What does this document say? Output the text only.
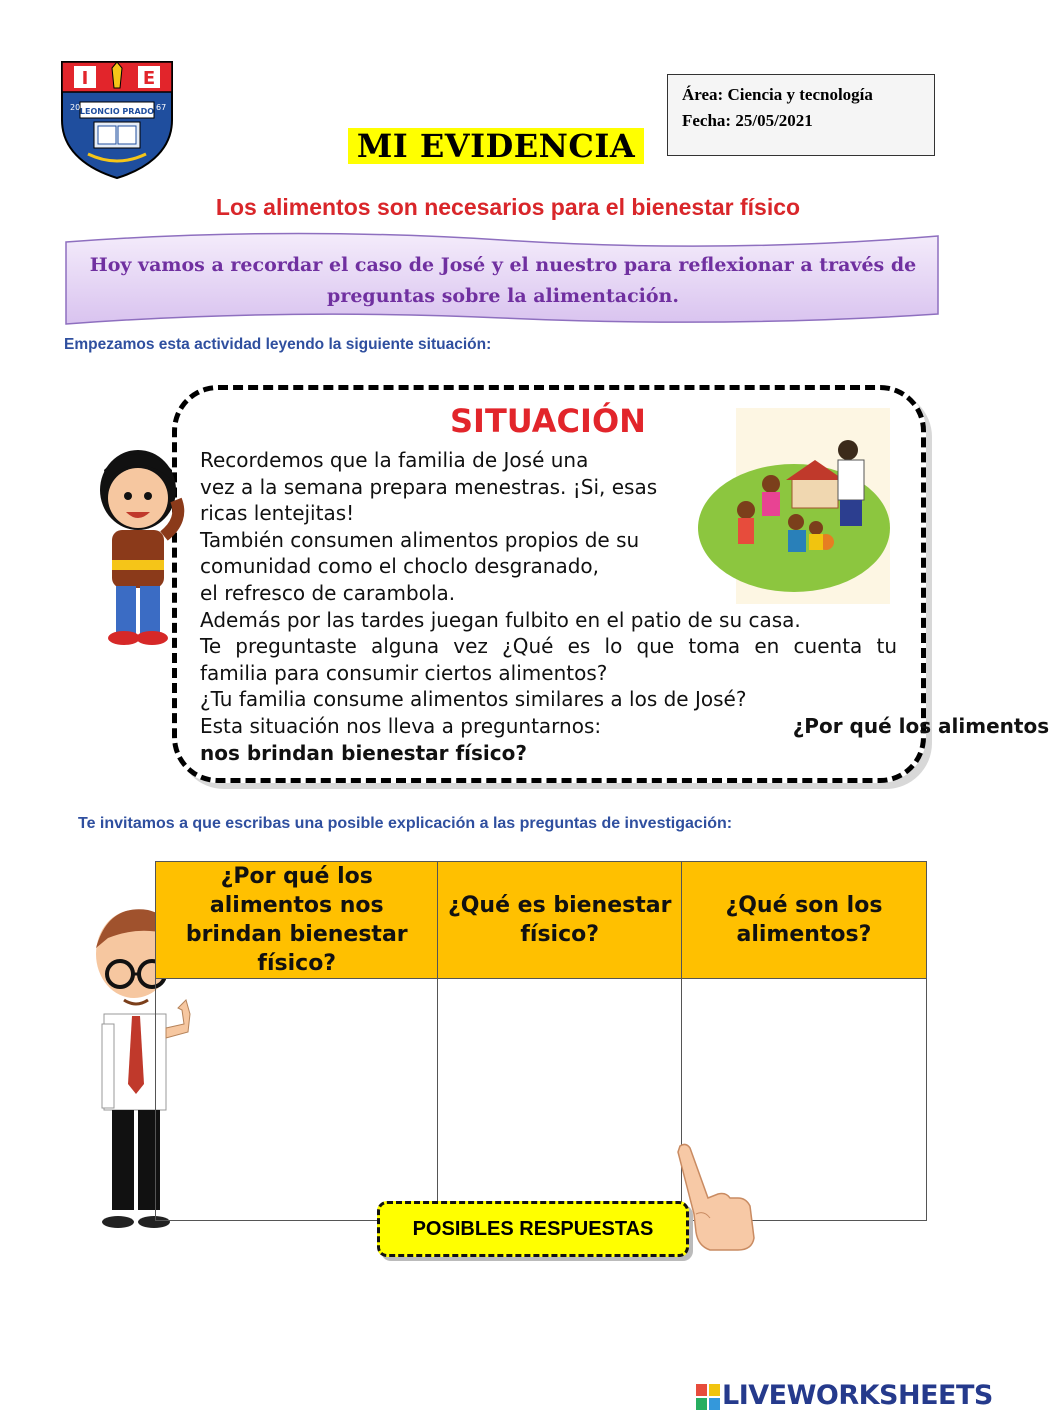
I	E
LEONCIO PRADO
20	67
MI EVIDENCIA
Área: Ciencia y tecnología
Fecha: 25/05/2021
Los alimentos son necesarios para el bienestar físico
Hoy vamos a recordar el caso de José y el nuestro para reflexionar a través de preguntas sobre la alimentación.
Empezamos esta actividad leyendo la siguiente situación:
SITUACIÓN
Recordemos que la familia de José una
vez a la semana prepara menestras. ¡Si, esas
ricas lentejitas!
También consumen alimentos propios de su
comunidad como el choclo desgranado,
el refresco de carambola.
Además por las tardes juegan fulbito en el patio de su casa.
Te preguntaste alguna vez ¿Qué es lo que toma en cuenta tu
familia para consumir ciertos alimentos?
¿Tu familia consume alimentos similares a los de José?
Esta situación nos lleva a preguntarnos:	¿Por qué los alimentos
nos brindan bienestar físico?
Te invitamos a que escribas una posible explicación a las preguntas de investigación:
¿Por qué los alimentos nos brindan bienestar físico?	¿Qué es bienestar físico?	¿Qué son los alimentos?

POSIBLES RESPUESTAS
LIVEWORKSHEETS
